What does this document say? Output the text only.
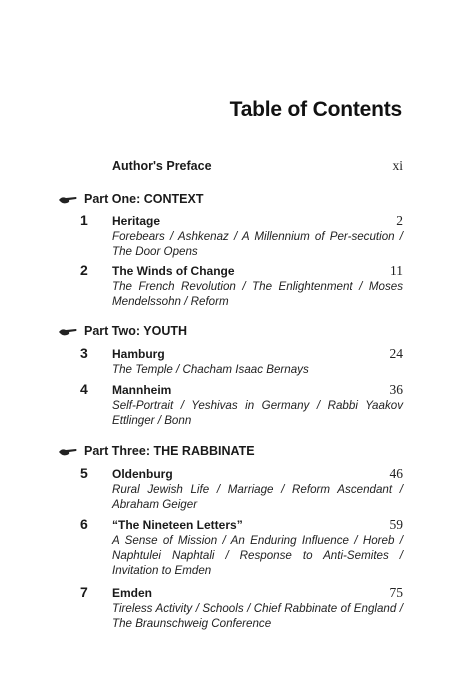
Table of Contents
Author's Preface	xi
Part One: CONTEXT
1	Heritage	2
Forebears / Ashkenaz / A Millennium of Per-secution / The Door Opens
2	The Winds of Change	11
The French Revolution / The Enlightenment / Moses Mendelssohn / Reform
Part Two: YOUTH
3	Hamburg	24
The Temple / Chacham Isaac Bernays
4	Mannheim	36
Self-Portrait / Yeshivas in Germany / Rabbi Yaakov Ettlinger / Bonn
Part Three: THE RABBINATE
5	Oldenburg	46
Rural Jewish Life / Marriage / Reform Ascendant / Abraham Geiger
6	“The Nineteen Letters”	59
A Sense of Mission / An Enduring Influence / Horeb / Naphtulei Naphtali / Response to Anti-Semites / Invitation to Emden
7	Emden	75
Tireless Activity / Schools / Chief Rabbinate of England / The Braunschweig Conference
